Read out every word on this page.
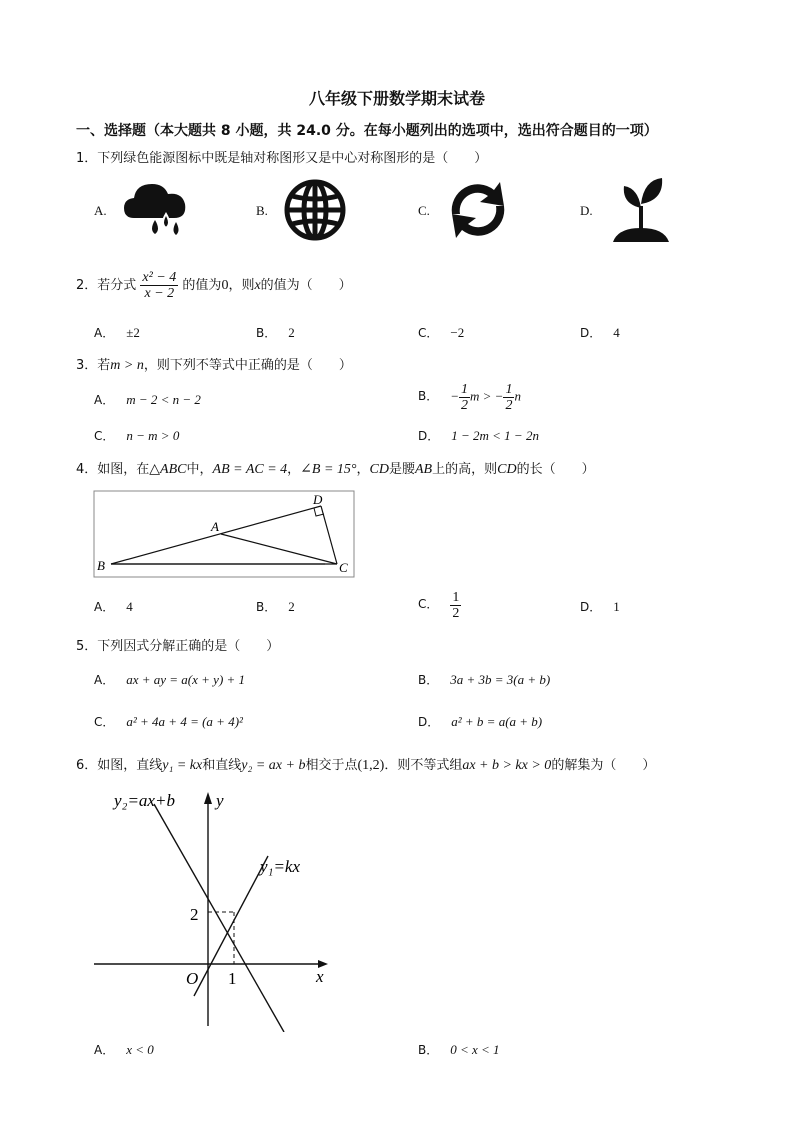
八年级下册数学期末试卷
一、选择题（本大题共 8 小题，共 24.0 分。在每小题列出的选项中，选出符合题目的一项）
1．下列绿色能源图标中既是轴对称图形又是中心对称图形的是（　　）
A.	B.	C.	D.
2．若分式 $\frac{\text{x² − 4}}{x - 2}$ 的值为0，则x的值为（　　）
A． ±2	B． 2	C． −2	D． 4
3．若m > n，则下列不等式中正确的是（　　）
A． m − 2 < n − 2	B． − $\frac{1}{2}$ m > − $\frac{1}{2}$ n
C． n − m > 0	D． 1 − 2m < 1 − 2n
4．如图，在△ABC中，AB = AC = 4，∠B = 15°，CD是腰AB上的高，则CD的长（　　）
A
B	C
D
A． 4	B． 2	C． $\frac{1}{2}$	D． 1
5．下列因式分解正确的是（　　）
A． ax + ay = a(x + y) + 1	B． 3a + 3b = 3(a + b)
C． a² + 4a + 4 = (a + 4)²	D． a² + b = a(a + b)
6．如图，直线y₁ = kx和直线y₂ = ax + b相交于点(1,2)．则不等式组ax + b > kx > 0的解集为（　　）
y₂=ax+b y
y₁=kx
x
O 1
2
A． x < 0	B． 0 < x < 1
